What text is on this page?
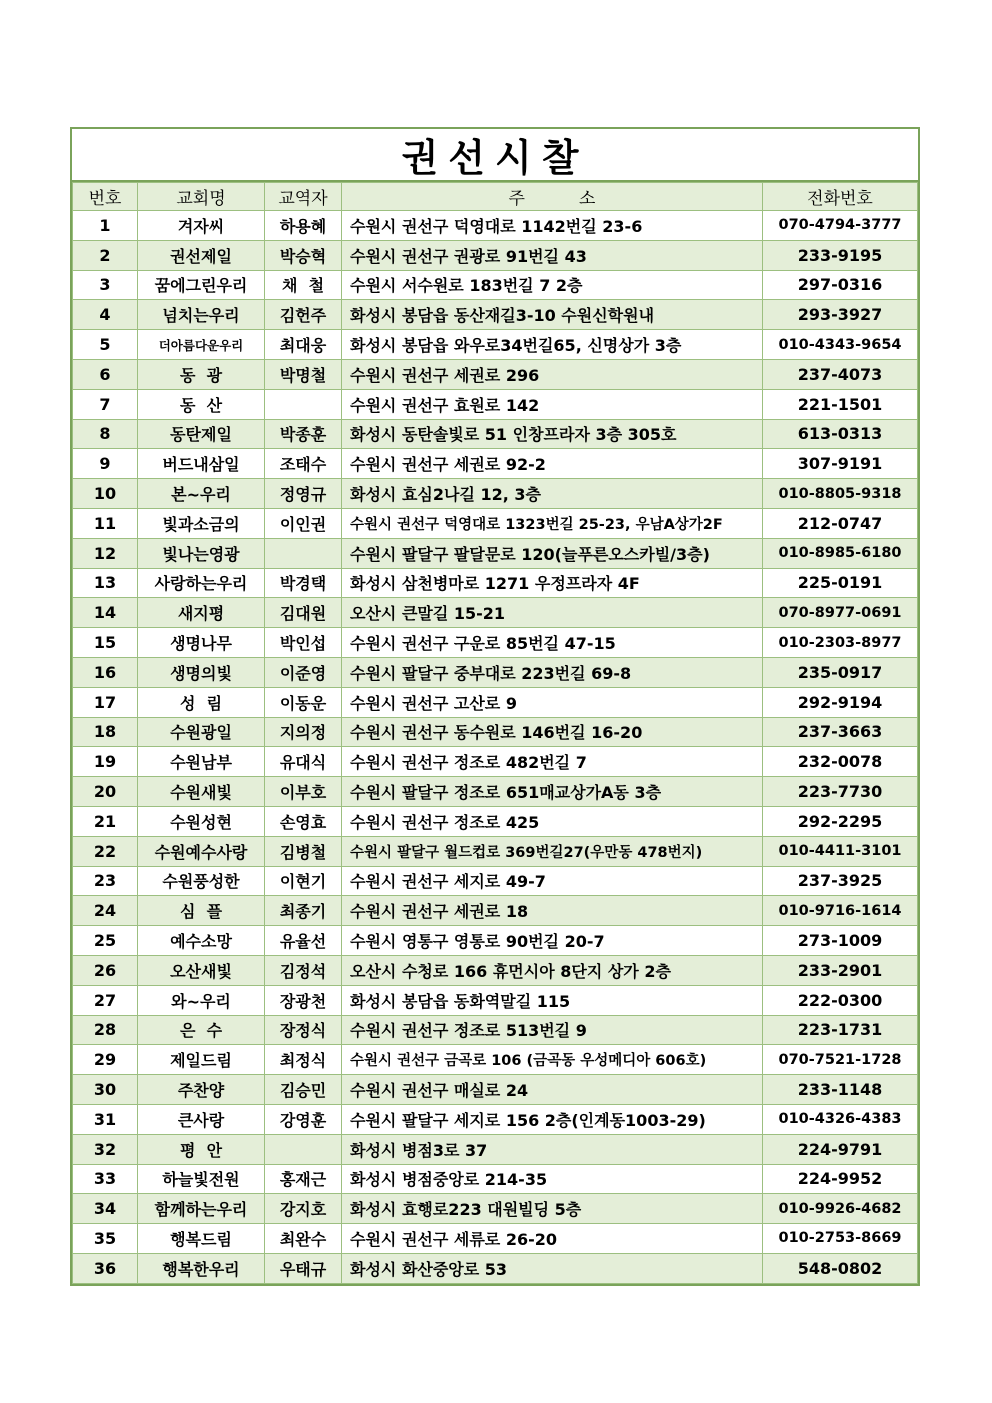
권선시찰
번호	교회명	교역자	주          소	전화번호
1	겨자씨	하용혜	수원시 권선구 덕영대로 1142번길 23-6	070-4794-3777
2	권선제일	박승혁	수원시 권선구 권광로 91번길 43	233-9195
3	꿈에그린우리	채  철	수원시 서수원로 183번길 7 2층	297-0316
4	넘치는우리	김헌주	화성시 봉담읍 동산재길3-10 수원신학원내	293-3927
5	더아름다운우리	최대웅	화성시 봉담읍 와우로34번길65, 신명상가 3층	010-4343-9654
6	동  광	박명철	수원시 권선구 세권로 296	237-4073
7	동  산		수원시 권선구 효원로 142	221-1501
8	동탄제일	박종훈	화성시 동탄솔빛로 51 인창프라자 3층 305호	613-0313
9	버드내삼일	조태수	수원시 권선구 세권로 92-2	307-9191
10	본~우리	정영규	화성시 효심2나길 12, 3층	010-8805-9318
11	빛과소금의	이인권	수원시 권선구 덕영대로 1323번길 25-23, 우남A상가2F	212-0747
12	빛나는영광		수원시 팔달구 팔달문로 120(늘푸른오스카빌/3층)	010-8985-6180
13	사랑하는우리	박경택	화성시 삼천병마로 1271 우정프라자 4F	225-0191
14	새지평	김대원	오산시 큰말길 15-21	070-8977-0691
15	생명나무	박인섭	수원시 권선구 구운로 85번길 47-15	010-2303-8977
16	생명의빛	이준영	수원시 팔달구 중부대로 223번길 69-8	235-0917
17	성  림	이동운	수원시 권선구 고산로 9	292-9194
18	수원광일	지의정	수원시 권선구 동수원로 146번길 16-20	237-3663
19	수원남부	유대식	수원시 권선구 정조로 482번길 7	232-0078
20	수원새빛	이부호	수원시 팔달구 정조로 651매교상가A동 3층	223-7730
21	수원성현	손영효	수원시 권선구 정조로 425	292-2295
22	수원예수사랑	김병철	수원시 팔달구 월드컵로 369번길27(우만동 478번지)	010-4411-3101
23	수원풍성한	이현기	수원시 권선구 세지로 49-7	237-3925
24	심  플	최종기	수원시 권선구 세권로 18	010-9716-1614
25	예수소망	유율선	수원시 영통구 영통로 90번길 20-7	273-1009
26	오산새빛	김정석	오산시 수청로 166 휴먼시아 8단지 상가 2층	233-2901
27	와~우리	장광천	화성시 봉담읍 동화역말길 115	222-0300
28	은  수	장정식	수원시 권선구 정조로 513번길 9	223-1731
29	제일드림	최정식	수원시 권선구 금곡로 106 (금곡동 우성메디아 606호)	070-7521-1728
30	주찬양	김승민	수원시 권선구 매실로 24	233-1148
31	큰사랑	강영훈	수원시 팔달구 세지로 156 2층(인계동1003-29)	010-4326-4383
32	평  안		화성시 병점3로 37	224-9791
33	하늘빛전원	홍재근	화성시 병점중앙로 214-35	224-9952
34	함께하는우리	강지호	화성시 효행로223 대원빌딩 5층	010-9926-4682
35	행복드림	최완수	수원시 권선구 세류로 26-20	010-2753-8669
36	행복한우리	우태규	화성시 화산중앙로 53	548-0802
